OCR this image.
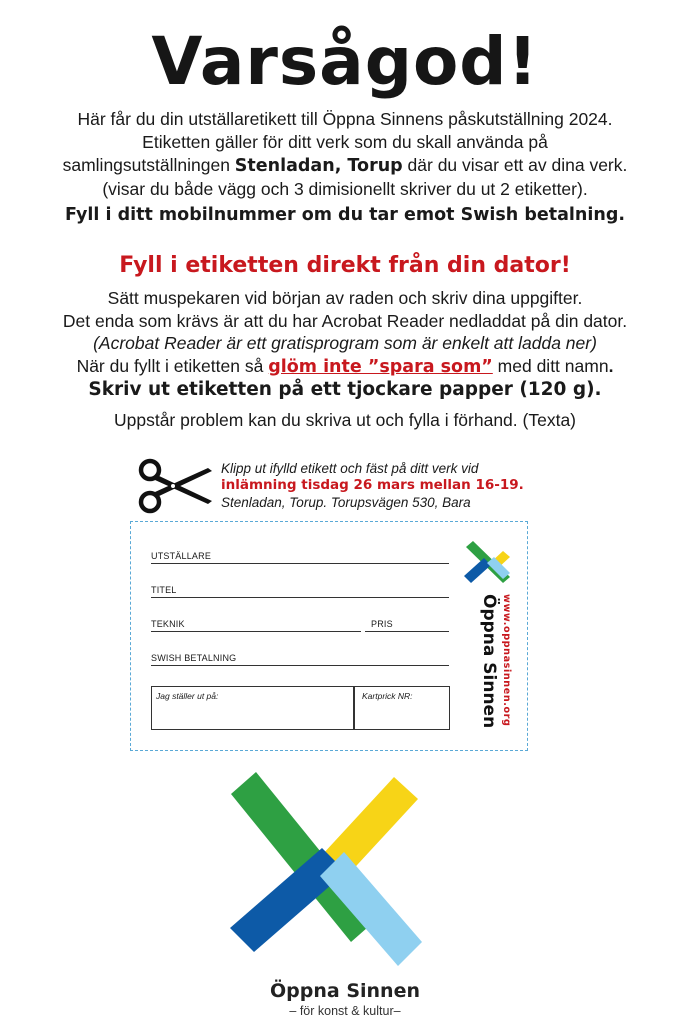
Varsågod!
Här får du din utställaretikett till Öppna Sinnens påskutställning 2024.
Etiketten gäller för ditt verk som du skall använda på
samlingsutställningen Stenladan, Torup där du visar ett av dina verk.
(visar du både vägg och 3 dimisionellt skriver du ut 2 etiketter).
Fyll i ditt mobilnummer om du tar emot Swish betalning.
Fyll i etiketten direkt från din dator!
Sätt muspekaren vid början av raden och skriv dina uppgifter.
Det enda som krävs är att du har Acrobat Reader nedladdat på din dator.
(Acrobat Reader är ett gratisprogram som är enkelt att ladda ner)
När du fyllt i etiketten så glöm inte ”spara som” med ditt namn.
Skriv ut etiketten på ett tjockare papper (120 g).
Uppstår problem kan du skriva ut och fylla i förhand. (Texta)
Klipp ut ifylld etikett och fäst på ditt verk vid
inlämning tisdag 26 mars mellan 16-19.
Stenladan, Torup. Torupsvägen 530, Bara
UTSTÄLLARE
TITEL
TEKNIK	PRIS
SWISH BETALNING
Jag ställer ut på:	Kartprick NR:	Öppna Sinnen www.oppnasinnen.org
Öppna Sinnen
– för konst & kultur–
